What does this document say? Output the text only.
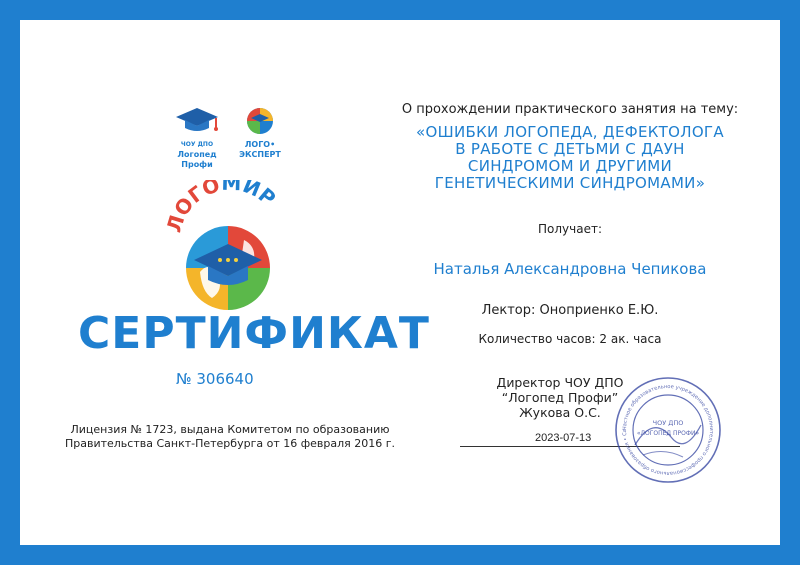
ЧОУ ДПО
Логопед
Профи
ЛОГО•
ЭКСПЕРТ
ЛОГОМИР
СЕРТИФИКАТ
№ 306640
Лицензия № 1723, выдана Комитетом по образованию
Правительства Санкт-Петербурга от 16 февраля 2016 г.
О прохождении практического занятия на тему:
«ОШИБКИ ЛОГОПЕДА, ДЕФЕКТОЛОГА
В РАБОТЕ С ДЕТЬМИ С ДАУН
СИНДРОМОМ И ДРУГИМИ
ГЕНЕТИЧЕСКИМИ СИНДРОМАМИ»
Получает:
Наталья Александровна Чепикова
Лектор: Оноприенко Е.Ю.
Количество часов: 2 ак. часа
Директор ЧОУ ДПО
“Логопед Профи”
Жукова О.С.
2023-07-13
Частное образовательное учреждение дополнительного профессионального образования • Са
ЧОУ ДПО
«ЛОГОПЕД ПРОФИ»
